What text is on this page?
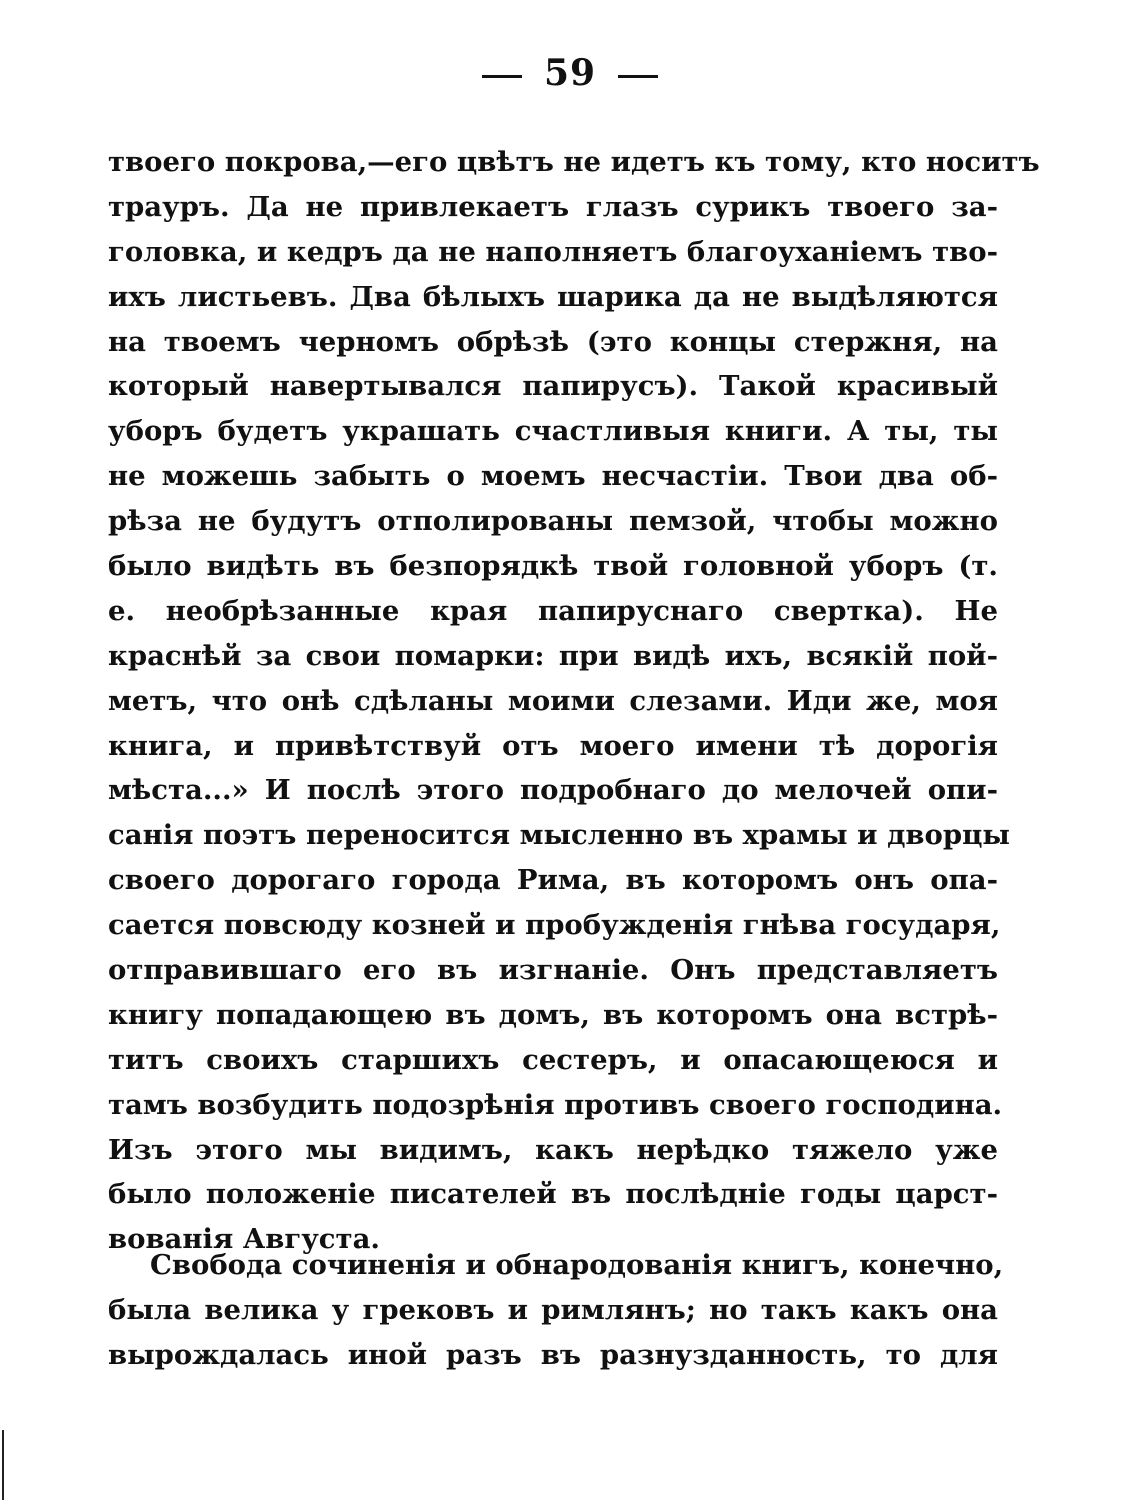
59
твоего покрова,—его цвѣтъ не идетъ къ тому, кто носитъ
трауръ. Да не привлекаетъ глазъ сурикъ твоего за-
головка, и кедръ да не наполняетъ благоуханіемъ тво-
ихъ листьевъ. Два бѣлыхъ шарика да не выдѣляются
на твоемъ черномъ обрѣзѣ (это концы стержня, на
который навертывался папирусъ). Такой красивый
уборъ будетъ украшать счастливыя книги. А ты, ты
не можешь забыть о моемъ несчастіи. Твои два об-
рѣза не будутъ отполированы пемзой, чтобы можно
было видѣть въ безпорядкѣ твой головной уборъ (т.
е. необрѣзанные края папируснаго свертка). Не
краснѣй за свои помарки: при видѣ ихъ, всякій пой-
метъ, что онѣ сдѣланы моими слезами. Иди же, моя
книга, и привѣтствуй отъ моего имени тѣ дорогія
мѣста...» И послѣ этого подробнаго до мелочей опи-
санія поэтъ переносится мысленно въ храмы и дворцы
своего дорогаго города Рима, въ которомъ онъ опа-
сается повсюду козней и пробужденія гнѣва государя,
отправившаго его въ изгнаніе. Онъ представляетъ
книгу попадающею въ домъ, въ которомъ она встрѣ-
титъ своихъ старшихъ сестеръ, и опасающеюся и
тамъ возбудить подозрѣнія противъ своего господина.
Изъ этого мы видимъ, какъ нерѣдко тяжело уже
было положеніе писателей въ послѣдніе годы царст-
вованія Августа.
Свобода сочиненія и обнародованія книгъ, конечно,
была велика у грековъ и римлянъ; но такъ какъ она
вырождалась иной разъ въ разнузданность, то для
